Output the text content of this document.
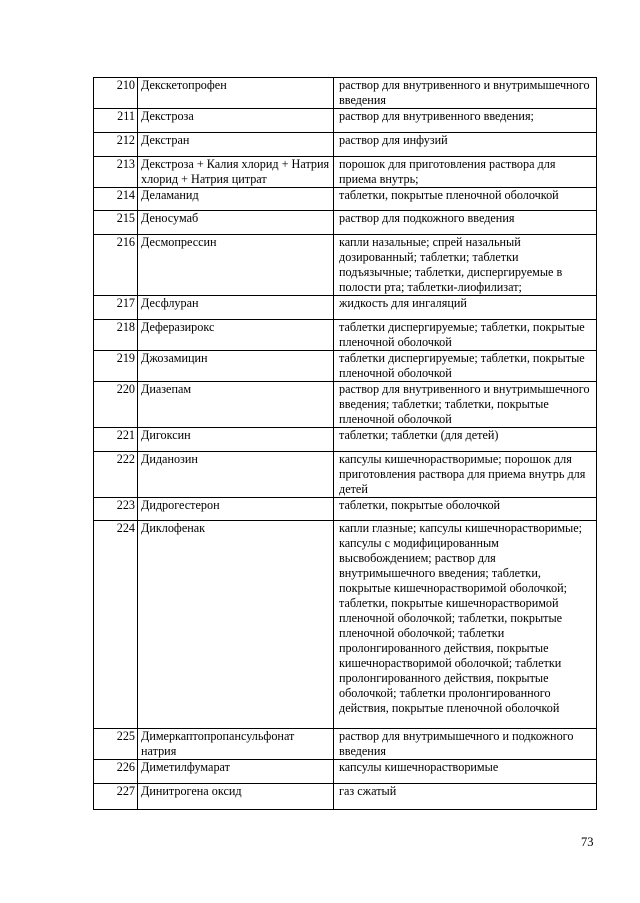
210	Декскетопрофен	раствор для внутривенного и внутримышечного введения
211	Декстроза	раствор для внутривенного введения;
212	Декстран	раствор для инфузий
213	Декстроза + Калия хлорид + Натрия хлорид + Натрия цитрат	порошок для приготовления раствора для приема внутрь;
214	Деламанид	таблетки, покрытые пленочной оболочкой
215	Деносумаб	раствор для подкожного введения
216	Десмопрессин	капли назальные; спрей назальный дозированный; таблетки; таблетки подъязычные; таблетки, диспергируемые в полости рта; таблетки-лиофилизат;
217	Десфлуран	жидкость для ингаляций
218	Деферазирокс	таблетки диспергируемые; таблетки, покрытые пленочной оболочкой
219	Джозамицин	таблетки диспергируемые; таблетки, покрытые пленочной оболочкой
220	Диазепам	раствор для внутривенного и внутримышечного введения; таблетки; таблетки, покрытые пленочной оболочкой
221	Дигоксин	таблетки; таблетки (для детей)
222	Диданозин	капсулы кишечнорастворимые; порошок для приготовления раствора для приема внутрь для детей
223	Дидрогестерон	таблетки, покрытые оболочкой
224	Диклофенак	капли глазные; капсулы кишечнорастворимые; капсулы с модифицированным высвобождением; раствор для внутримышечного введения; таблетки, покрытые кишечнорастворимой оболочкой; таблетки, покрытые кишечнорастворимой пленочной оболочкой; таблетки, покрытые пленочной оболочкой; таблетки пролонгированного действия, покрытые кишечнорастворимой оболочкой; таблетки пролонгированного действия, покрытые оболочкой; таблетки пролонгированного действия, покрытые пленочной оболочкой
225	Димеркаптопропансульфонат натрия	раствор для внутримышечного и подкожного введения
226	Диметилфумарат	капсулы кишечнорастворимые
227	Динитрогена оксид	газ сжатый
73
